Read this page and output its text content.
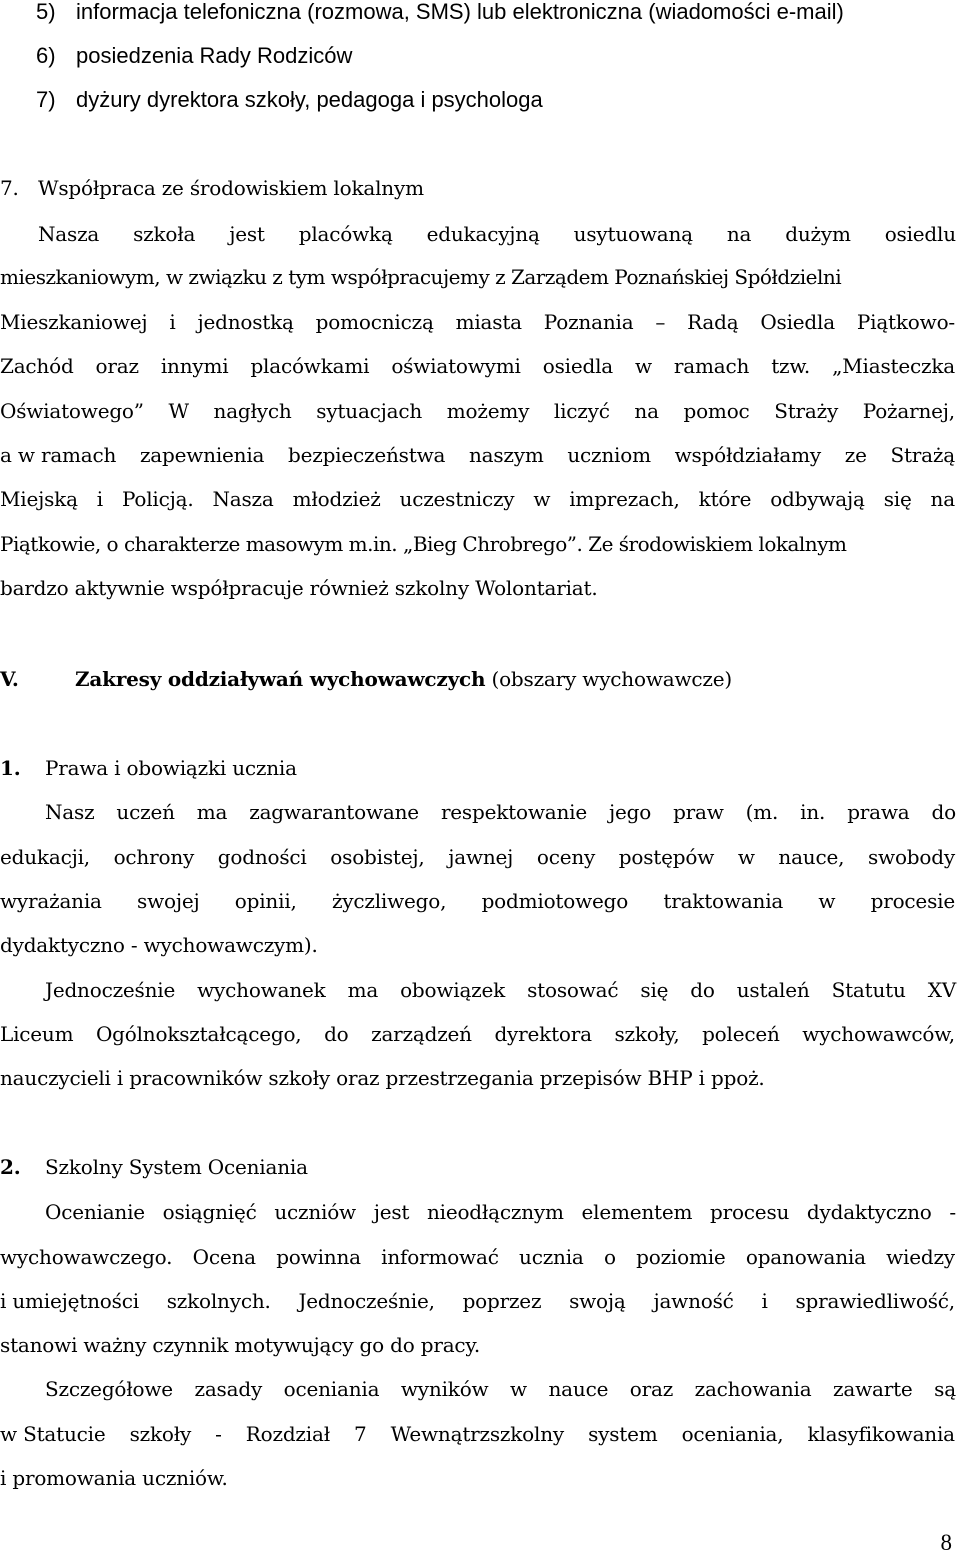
5) informacja telefoniczna (rozmowa, SMS) lub elektroniczna (wiadomości e-mail)
6) posiedzenia Rady Rodziców
7) dyżury dyrektora szkoły, pedagoga i psychologa
7. Współpraca ze środowiskiem lokalnym
Nasza szkoła jest placówką edukacyjną usytuowaną na dużym osiedlu
mieszkaniowym, w związku z tym współpracujemy z Zarządem Poznańskiej Spółdzielni
Mieszkaniowej i jednostką pomocniczą miasta Poznania – Radą Osiedla Piątkowo-
Zachód oraz innymi placówkami oświatowymi osiedla w ramach tzw. „Miasteczka
Oświatowego” W nagłych sytuacjach możemy liczyć na pomoc Straży Pożarnej,
a w ramach zapewnienia bezpieczeństwa naszym uczniom współdziałamy ze Strażą
Miejską i Policją. Nasza młodzież uczestniczy w imprezach, które odbywają się na
Piątkowie, o charakterze masowym m.in. „Bieg Chrobrego”. Ze środowiskiem lokalnym
bardzo aktywnie współpracuje również szkolny Wolontariat.
V.	Zakresy oddziaływań wychowawczych (obszary wychowawcze)
1. Prawa i obowiązki ucznia
Nasz uczeń ma zagwarantowane respektowanie jego praw (m. in. prawa do
edukacji, ochrony godności osobistej, jawnej oceny postępów w nauce, swobody
wyrażania swojej opinii, życzliwego, podmiotowego traktowania w procesie
dydaktyczno - wychowawczym).
Jednocześnie wychowanek ma obowiązek stosować się do ustaleń Statutu XV
Liceum Ogólnokształcącego, do zarządzeń dyrektora szkoły, poleceń wychowawców,
nauczycieli i pracowników szkoły oraz przestrzegania przepisów BHP i ppoż.
2. Szkolny System Oceniania
Ocenianie osiągnięć uczniów jest nieodłącznym elementem procesu dydaktyczno -
wychowawczego. Ocena powinna informować ucznia o poziomie opanowania wiedzy
i umiejętności szkolnych. Jednocześnie, poprzez swoją jawność i sprawiedliwość,
stanowi ważny czynnik motywujący go do pracy.
Szczegółowe zasady oceniania wyników w nauce oraz zachowania zawarte są
w Statucie szkoły - Rozdział 7 Wewnątrzszkolny system oceniania, klasyfikowania
i promowania uczniów.
8
